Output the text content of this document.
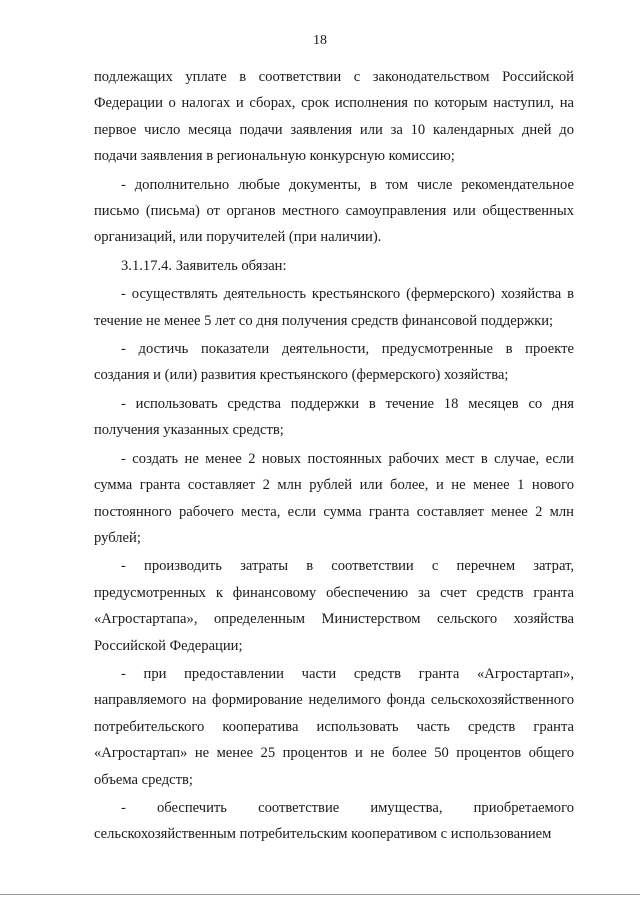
18

подлежащих уплате в соответствии с законодательством Российской Федерации о налогах и сборах, срок исполнения по которым наступил, на первое число месяца подачи заявления или за 10 календарных дней до подачи заявления в региональную конкурсную комиссию;

- дополнительно любые документы, в том числе рекомендательное письмо (письма) от органов местного самоуправления или общественных организаций, или поручителей (при наличии).

3.1.17.4. Заявитель обязан:

- осуществлять деятельность крестьянского (фермерского) хозяйства в течение не менее 5 лет со дня получения средств финансовой поддержки;

- достичь показатели деятельности, предусмотренные в проекте создания и (или) развития крестьянского (фермерского) хозяйства;

- использовать средства поддержки в течение 18 месяцев со дня получения указанных средств;

- создать не менее 2 новых постоянных рабочих мест в случае, если сумма гранта составляет 2 млн рублей или более, и не менее 1 нового постоянного рабочего места, если сумма гранта составляет менее 2 млн рублей;

- производить затраты в соответствии с перечнем затрат, предусмотренных к финансовому обеспечению за счет средств гранта «Агростартапа», определенным Министерством сельского хозяйства Российской Федерации;

- при предоставлении части средств гранта «Агростартап», направляемого на формирование неделимого фонда сельскохозяйственного потребительского кооператива использовать часть средств гранта «Агростартап» не менее 25 процентов и не более 50 процентов общего объема средств;

- обеспечить соответствие имущества, приобретаемого сельскохозяйственным потребительским кооперативом с использованием
